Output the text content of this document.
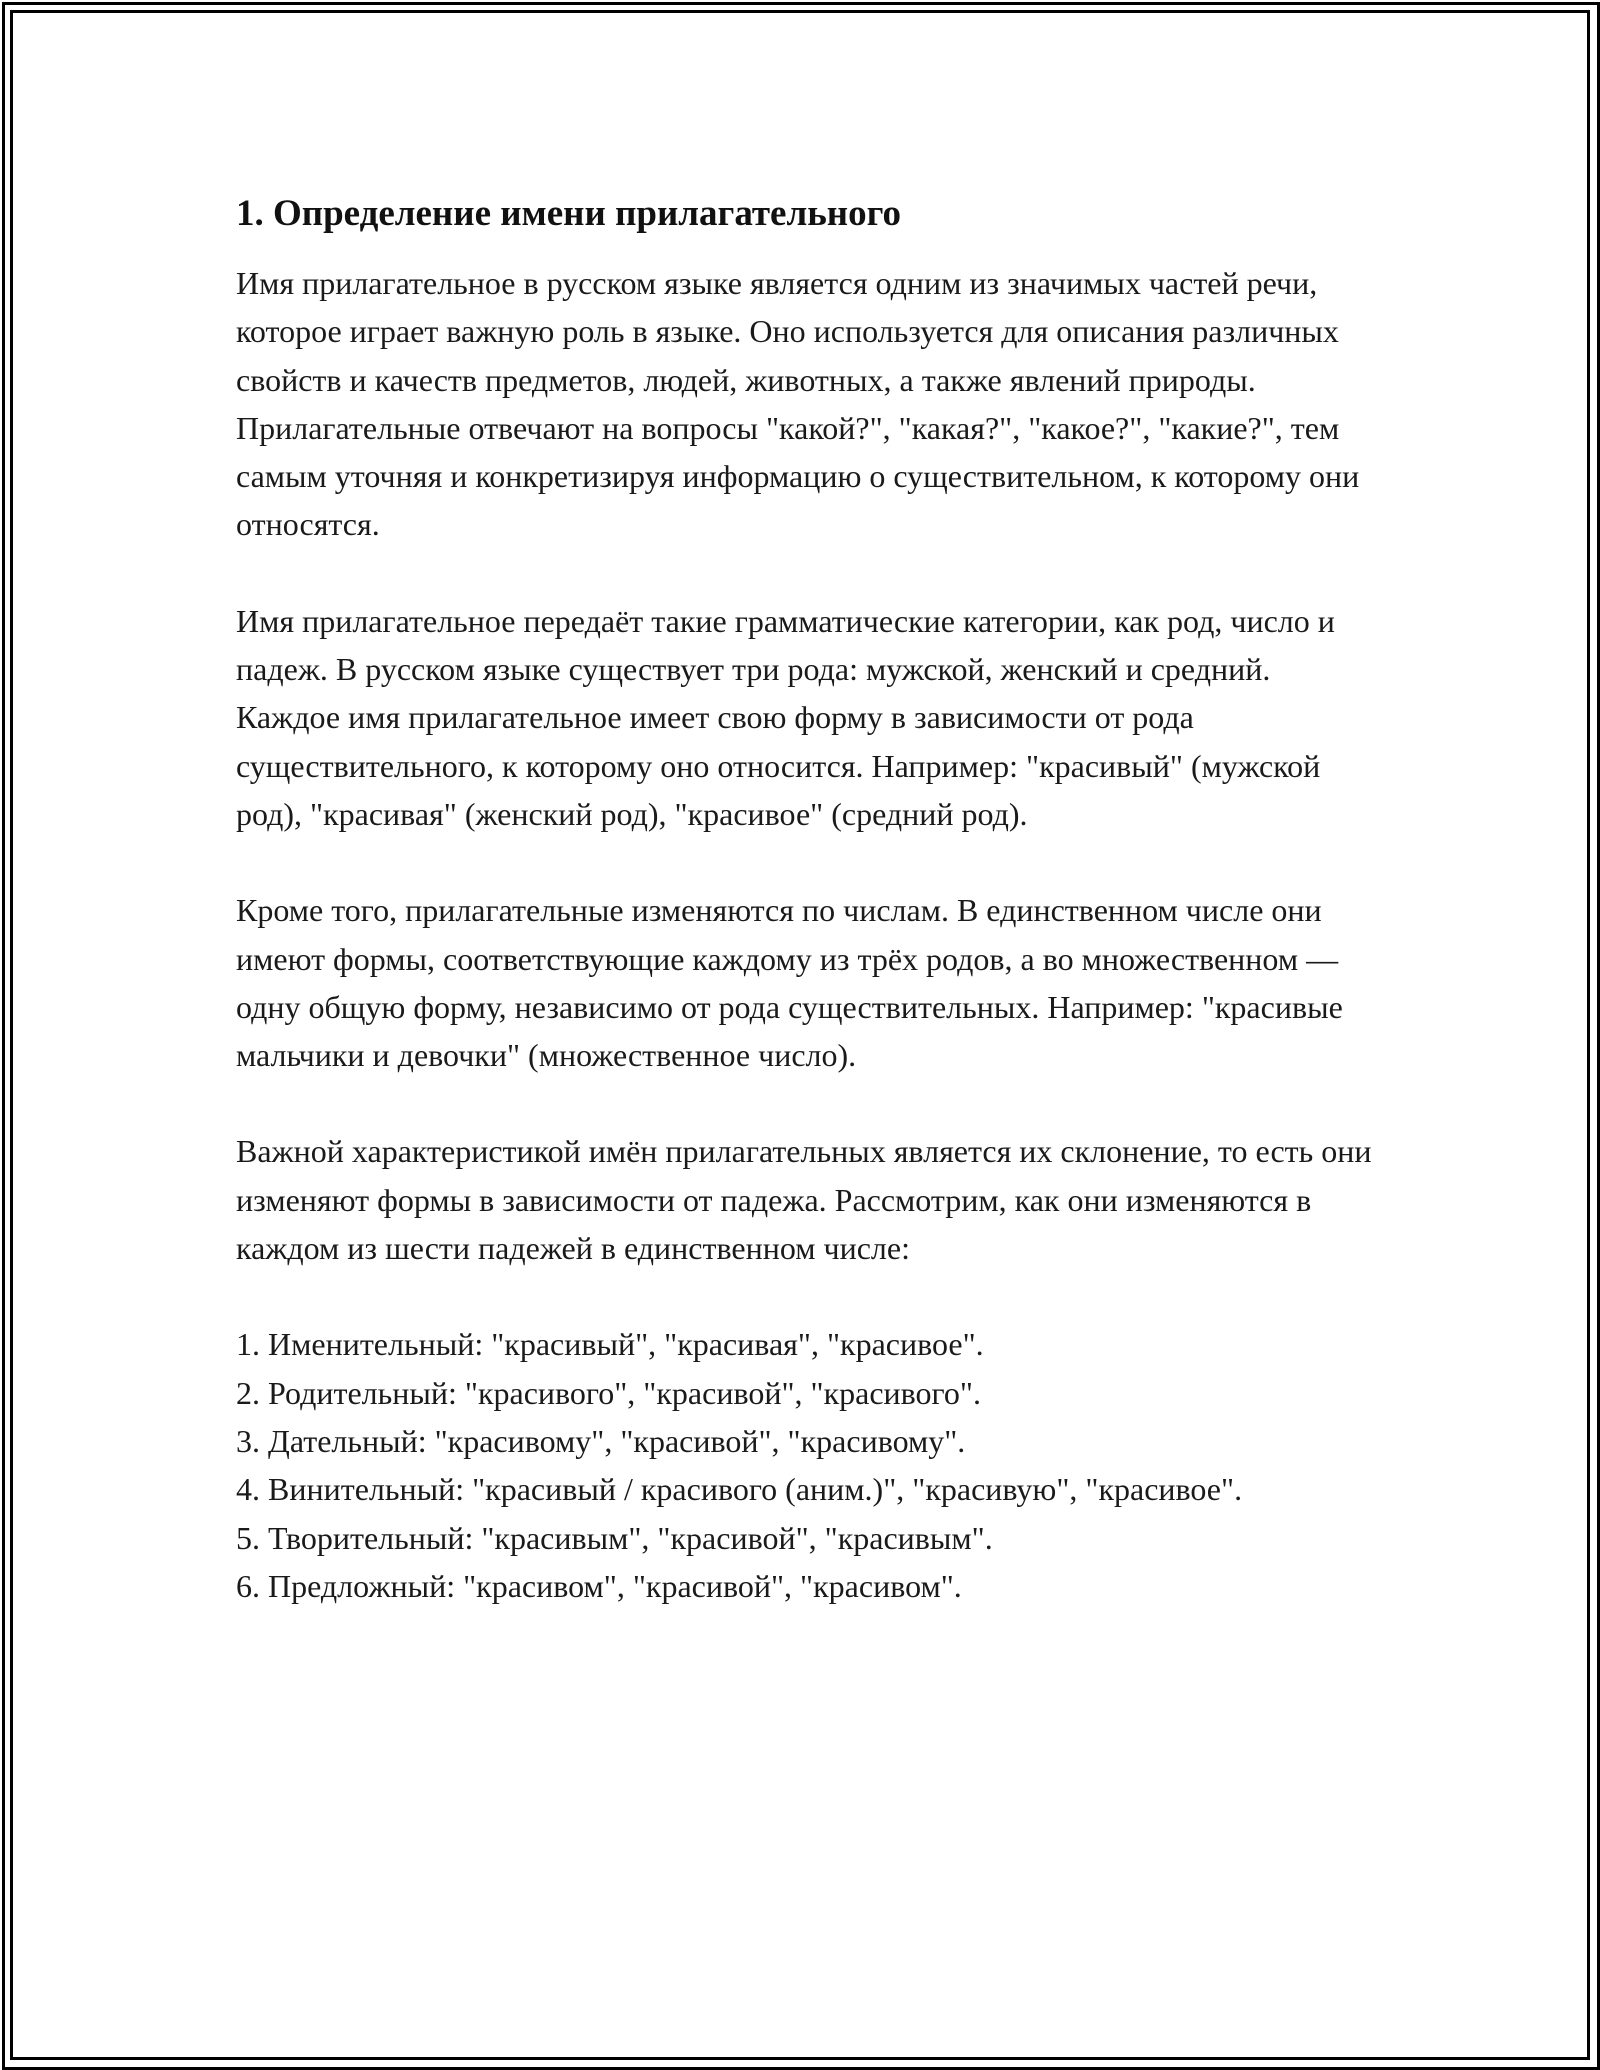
1. Определение имени прилагательного

Имя прилагательное в русском языке является одним из значимых частей речи, которое играет важную роль в языке. Оно используется для описания различных свойств и качеств предметов, людей, животных, а также явлений природы. Прилагательные отвечают на вопросы "какой?", "какая?", "какое?", "какие?", тем самым уточняя и конкретизируя информацию о существительном, к которому они относятся.

Имя прилагательное передаёт такие грамматические категории, как род, число и падеж. В русском языке существует три рода: мужской, женский и средний. Каждое имя прилагательное имеет свою форму в зависимости от рода существительного, к которому оно относится. Например: "красивый" (мужской род), "красивая" (женский род), "красивое" (средний род).

Кроме того, прилагательные изменяются по числам. В единственном числе они имеют формы, соответствующие каждому из трёх родов, а во множественном — одну общую форму, независимо от рода существительных. Например: "красивые мальчики и девочки" (множественное число).

Важной характеристикой имён прилагательных является их склонение, то есть они изменяют формы в зависимости от падежа. Рассмотрим, как они изменяются в каждом из шести падежей в единственном числе:

1. Именительный: "красивый", "красивая", "красивое".
2. Родительный: "красивого", "красивой", "красивого".
3. Дательный: "красивому", "красивой", "красивому".
4. Винительный: "красивый / красивого (аним.)", "красивую", "красивое".
5. Творительный: "красивым", "красивой", "красивым".
6. Предложный: "красивом", "красивой", "красивом".
